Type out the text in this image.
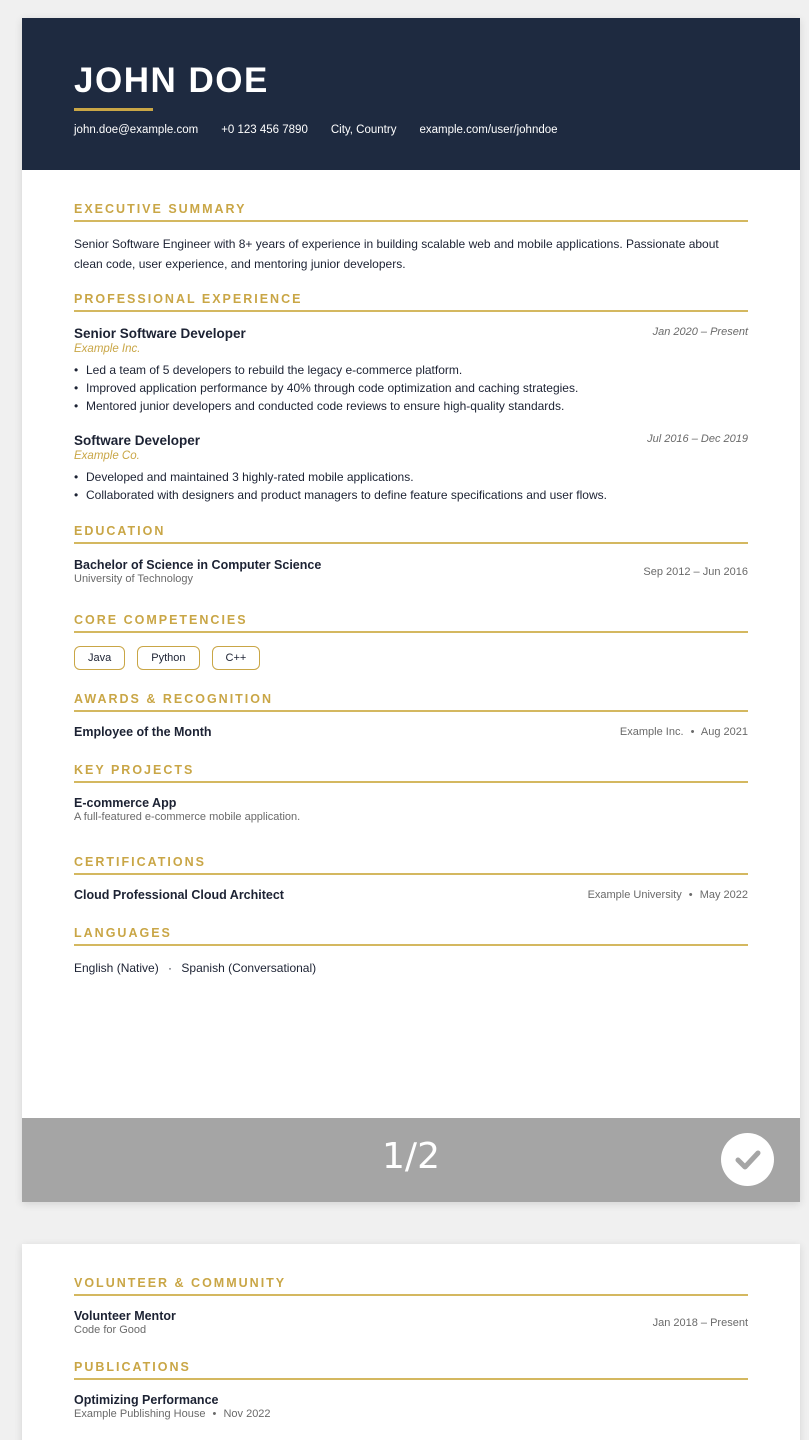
JOHN DOE
john.doe@example.com +0 123 456 7890 City, Country example.com/user/johndoe
EXECUTIVE SUMMARY
Senior Software Engineer with 8+ years of experience in building scalable web and mobile applications. Passionate about clean code, user experience, and mentoring junior developers.
PROFESSIONAL EXPERIENCE
Senior Software Developer	Jan 2020 – Present
Example Inc.
• Led a team of 5 developers to rebuild the legacy e-commerce platform.
• Improved application performance by 40% through code optimization and caching strategies.
• Mentored junior developers and conducted code reviews to ensure high-quality standards.
Software Developer	Jul 2016 – Dec 2019
Example Co.
• Developed and maintained 3 highly-rated mobile applications.
• Collaborated with designers and product managers to define feature specifications and user flows.
EDUCATION
Bachelor of Science in Computer Science
University of Technology
Sep 2012 – Jun 2016
CORE COMPETENCIES
Java	Python	C++
AWARDS & RECOGNITION
Employee of the Month	Example Inc. • Aug 2021
KEY PROJECTS
E-commerce App
A full-featured e-commerce mobile application.
CERTIFICATIONS
Cloud Professional Cloud Architect	Example University • May 2022
LANGUAGES
English (Native) · Spanish (Conversational)
1/2
VOLUNTEER & COMMUNITY
Volunteer Mentor
Code for Good
Jan 2018 – Present
PUBLICATIONS
Optimizing Performance
Example Publishing House • Nov 2022
